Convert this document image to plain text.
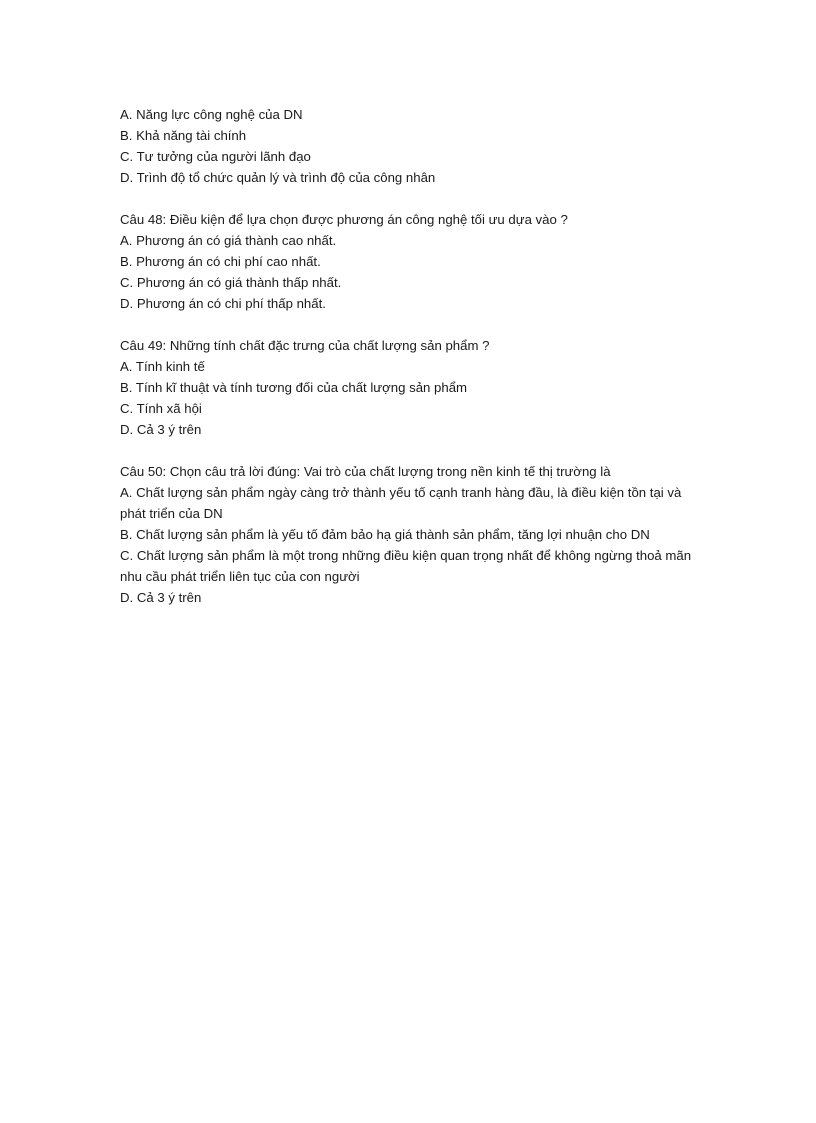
A. Năng lực công nghệ của DN

B. Khả năng tài chính

C. Tư tưởng của người lãnh đạo

D. Trình độ tổ chức quản lý và trình độ của công nhân

Câu 48: Điều kiện để lựa chọn được phương án công nghệ tối ưu dựa vào ?

A. Phương án có giá thành cao nhất.

B. Phương án có chi phí cao nhất.

C. Phương án có giá thành thấp nhất.

D. Phương án có chi phí thấp nhất.

Câu 49: Những tính chất đặc trưng của chất lượng sản phẩm ?

A. Tính kinh tế

B. Tính kĩ thuật và tính tương đối của chất lượng sản phẩm

C. Tính xã hội

D. Cả 3 ý trên

Câu 50: Chọn câu trả lời đúng: Vai trò của chất lượng trong nền kinh tế thị trường là

A. Chất lượng sản phẩm ngày càng trở thành yếu tố cạnh tranh hàng đầu, là điều kiện tồn tại và

phát triển của DN

B. Chất lượng sản phẩm là yếu tố đảm bảo hạ giá thành sản phẩm, tăng lợi nhuận cho DN

C. Chất lượng sản phẩm là một trong những điều kiện quan trọng nhất để không ngừng thoả mãn

nhu cầu phát triển liên tục của con người

D. Cả 3 ý trên
